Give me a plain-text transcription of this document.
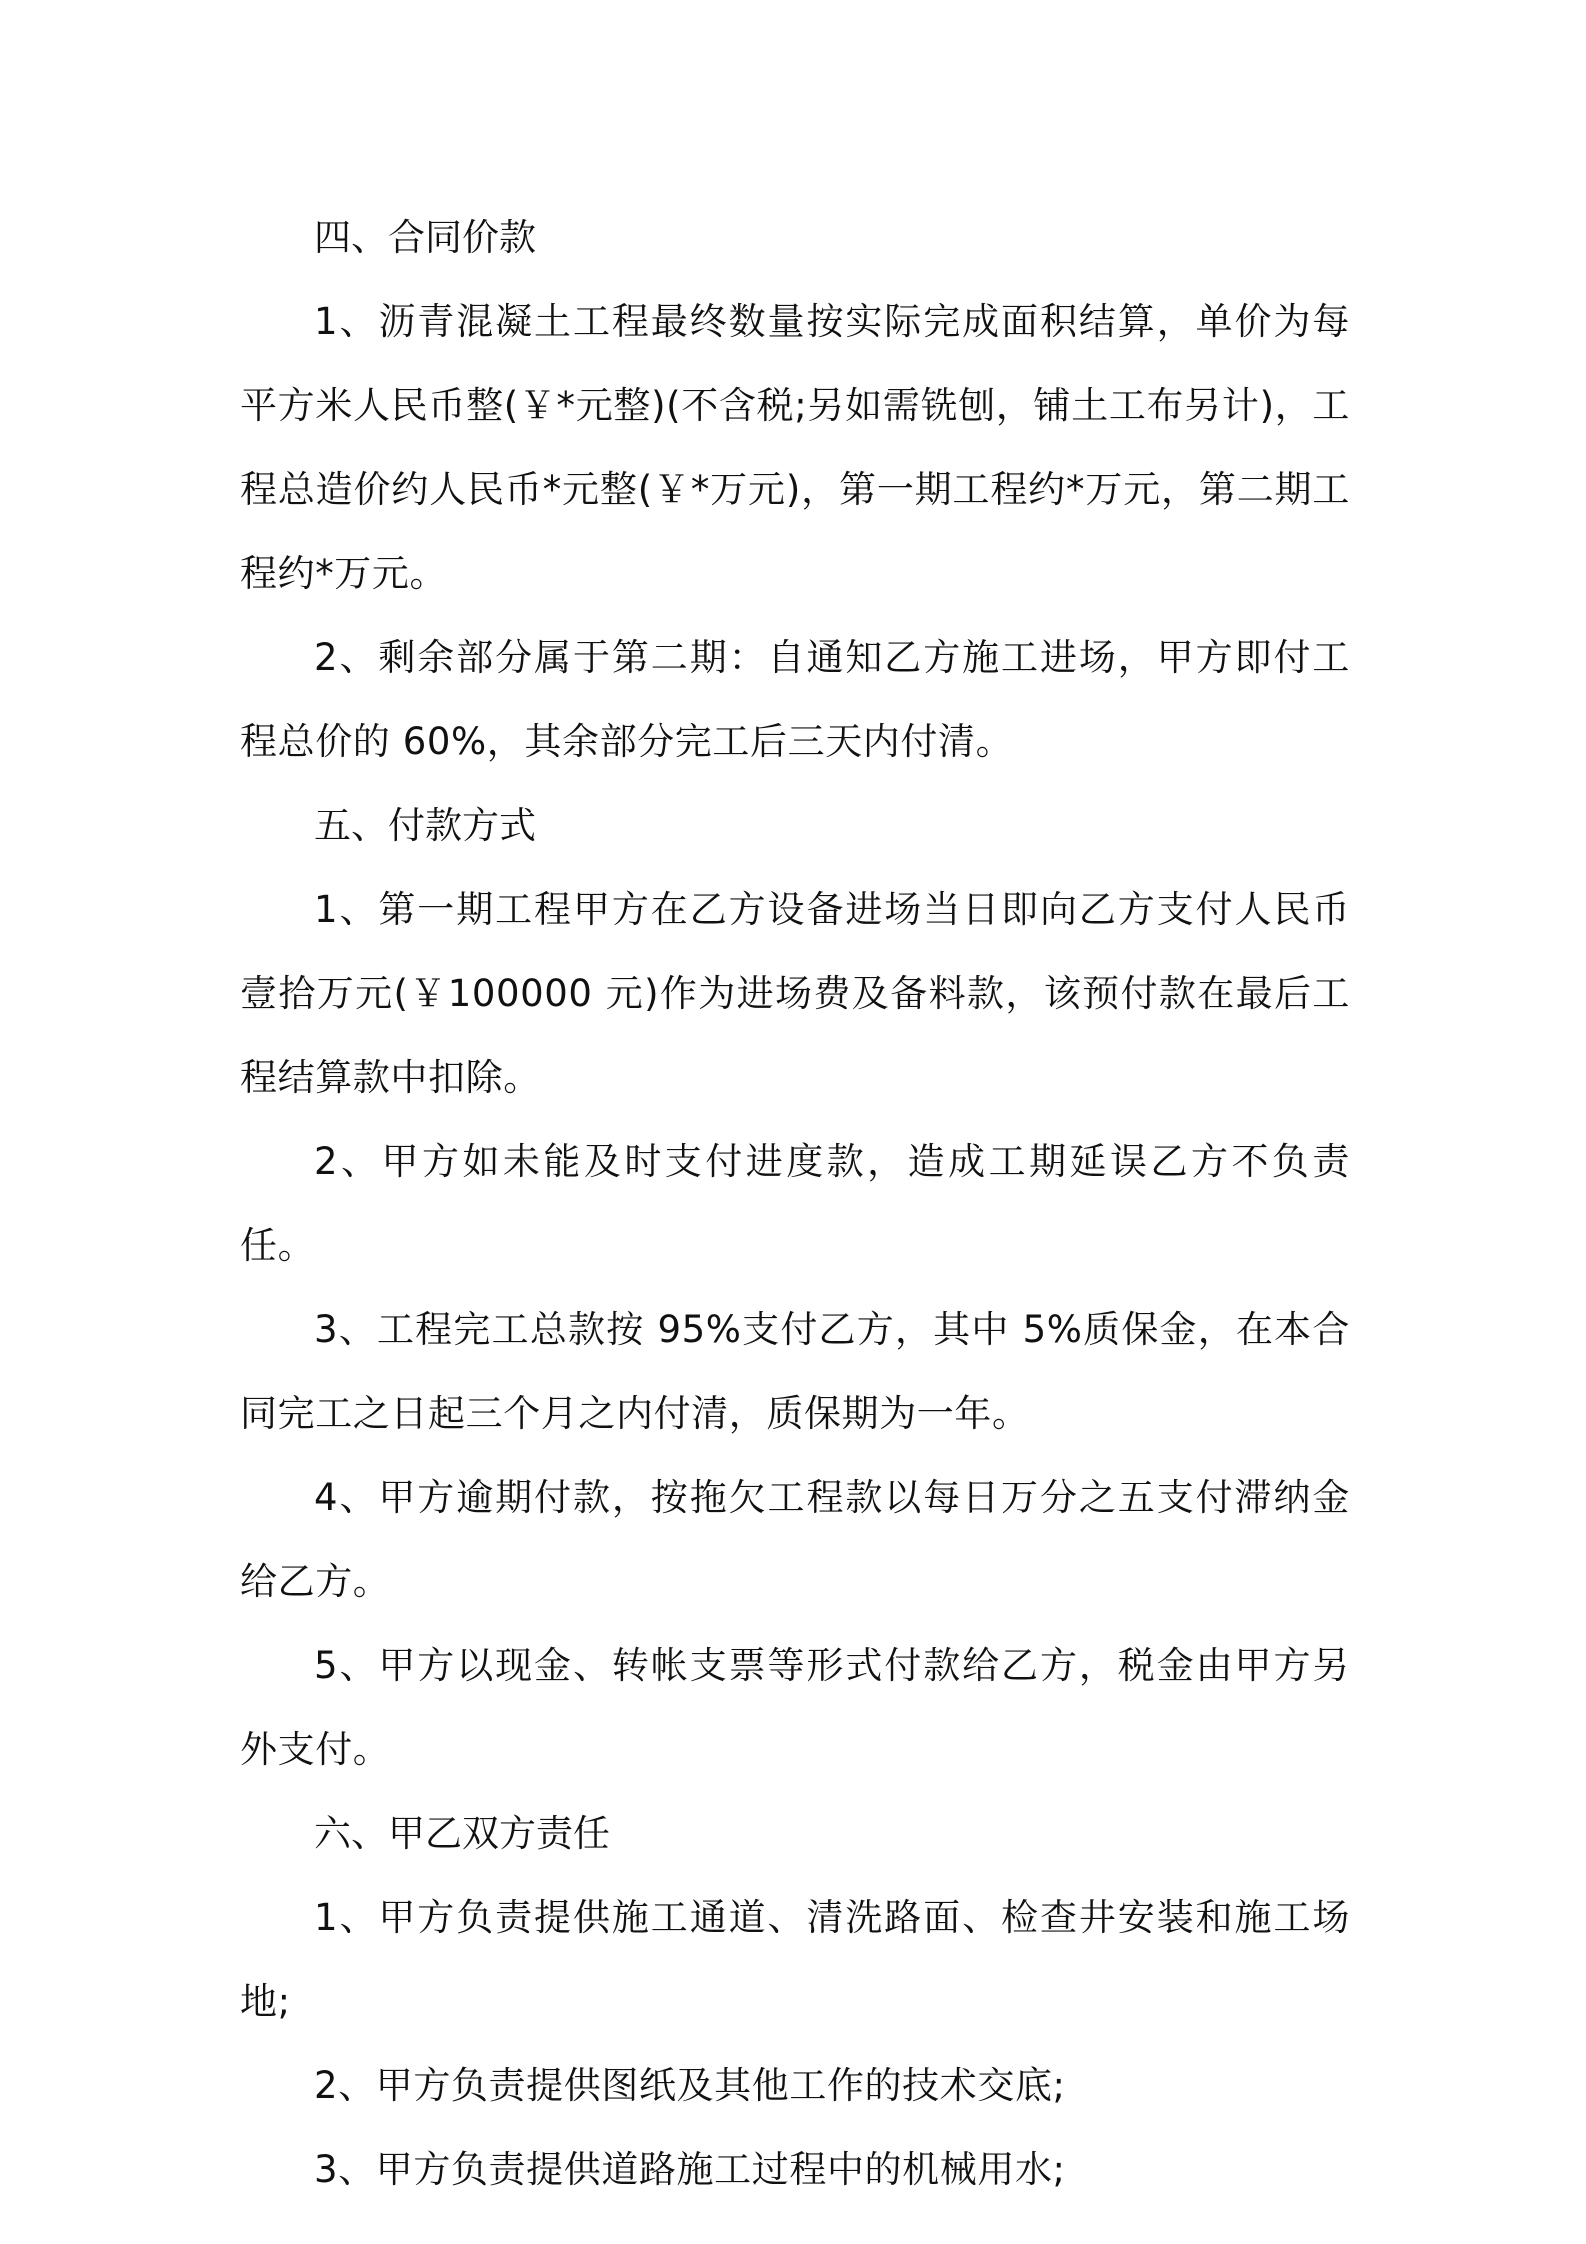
四、合同价款

1、沥青混凝土工程最终数量按实际完成面积结算，单价为每平方米人民币整(￥*元整)(不含税;另如需铣刨，铺土工布另计)，工程总造价约人民币*元整(￥*万元)，第一期工程约*万元，第二期工程约*万元。

2、剩余部分属于第二期：自通知乙方施工进场，甲方即付工程总价的 60%，其余部分完工后三天内付清。

五、付款方式

1、第一期工程甲方在乙方设备进场当日即向乙方支付人民币壹拾万元(￥100000 元)作为进场费及备料款，该预付款在最后工程结算款中扣除。

2、甲方如未能及时支付进度款，造成工期延误乙方不负责任。

3、工程完工总款按 95%支付乙方，其中 5%质保金，在本合同完工之日起三个月之内付清，质保期为一年。

4、甲方逾期付款，按拖欠工程款以每日万分之五支付滞纳金给乙方。

5、甲方以现金、转帐支票等形式付款给乙方，税金由甲方另外支付。

六、甲乙双方责任

1、甲方负责提供施工通道、清洗路面、检查井安装和施工场地;

2、甲方负责提供图纸及其他工作的技术交底;

3、甲方负责提供道路施工过程中的机械用水;
